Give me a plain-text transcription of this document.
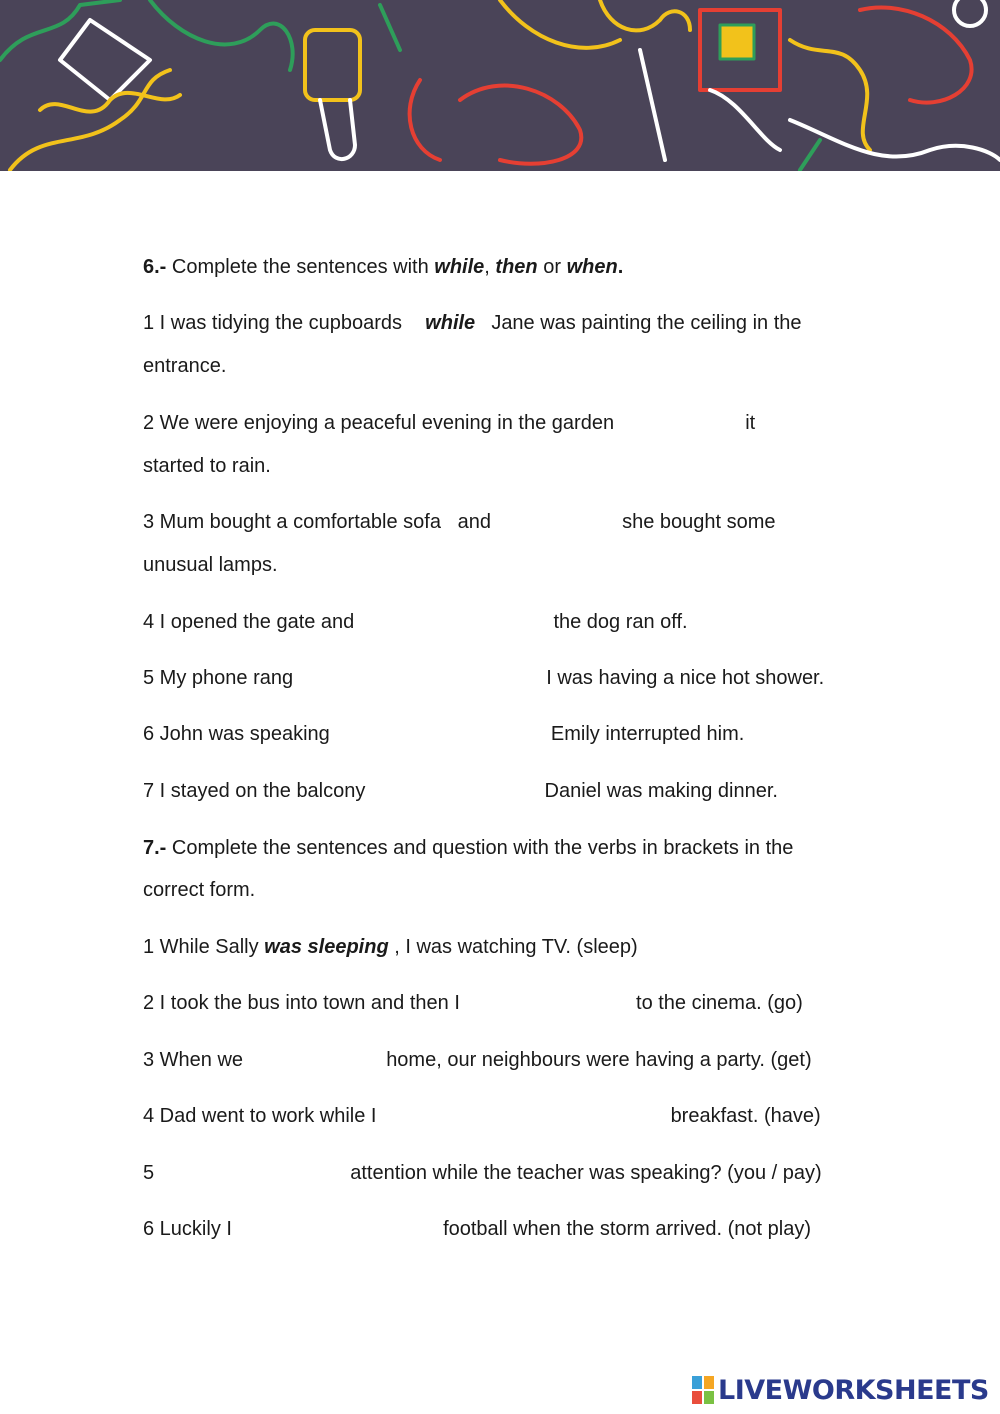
6.- Complete the sentences with while, then or when.
1 I was tidying the cupboards while Jane was painting the ceiling in the
entrance.
2 We were enjoying a peaceful evening in the garden	it
started to rain.
3 Mum bought a comfortable sofa   and	she bought some
unusual lamps.
4 I opened the gate and	the dog ran off.
5 My phone rang	I was having a nice hot shower.
6 John was speaking	Emily interrupted him.
7 I stayed on the balcony	Daniel was making dinner.
7.- Complete the sentences and question with the verbs in brackets in the
correct form.
1 While Sally was sleeping , I was watching TV. (sleep)
2 I took the bus into town and then I	to the cinema. (go)
3 When we	home, our neighbours were having a party. (get)
4 Dad went to work while I	breakfast. (have)
5	attention while the teacher was speaking? (you / pay)
6 Luckily I	football when the storm arrived. (not play)
LIVEWORKSHEETS
